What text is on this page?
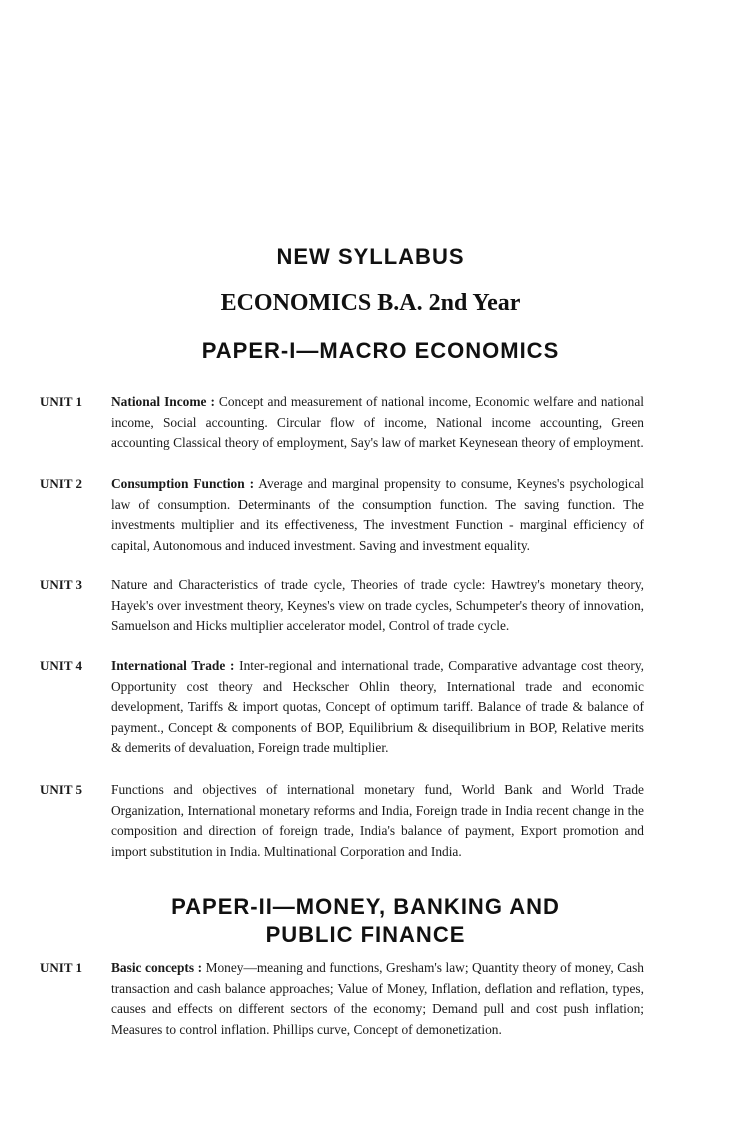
NEW SYLLABUS
ECONOMICS B.A. 2nd Year
PAPER-I—MACRO ECONOMICS
UNIT 1	National Income : Concept and measurement of national income, Economic welfare and national income, Social accounting. Circular flow of income, National income accounting, Green accounting Classical theory of employment, Say's law of market Keynesean theory of employment.
UNIT 2	Consumption Function : Average and marginal propensity to consume, Keynes's psychological law of consumption. Determinants of the consumption function. The saving function. The investments multiplier and its effectiveness, The investment Function - marginal efficiency of capital, Autonomous and induced investment. Saving and investment equality.
UNIT 3	Nature and Characteristics of trade cycle, Theories of trade cycle: Hawtrey's monetary theory, Hayek's over investment theory, Keynes's view on trade cycles, Schumpeter's theory of innovation, Samuelson and Hicks multiplier accelerator model, Control of trade cycle.
UNIT 4	International Trade : Inter-regional and international trade, Comparative advantage cost theory, Opportunity cost theory and Heckscher Ohlin theory, International trade and economic development, Tariffs & import quotas, Concept of optimum tariff. Balance of trade & balance of payment., Concept & components of BOP, Equilibrium & disequilibrium in BOP, Relative merits & demerits of devaluation, Foreign trade multiplier.
UNIT 5	Functions and objectives of international monetary fund, World Bank and World Trade Organization, International monetary reforms and India, Foreign trade in India recent change in the composition and direction of foreign trade, India's balance of payment, Export promotion and import substitution in India. Multinational Corporation and India.
PAPER-II—MONEY, BANKING AND
PUBLIC FINANCE
UNIT 1	Basic concepts : Money—meaning and functions, Gresham's law; Quantity theory of money, Cash transaction and cash balance approaches; Value of Money, Inflation, deflation and reflation, types, causes and effects on different sectors of the economy; Demand pull and cost push inflation; Measures to control inflation. Phillips curve, Concept of demonetization.
